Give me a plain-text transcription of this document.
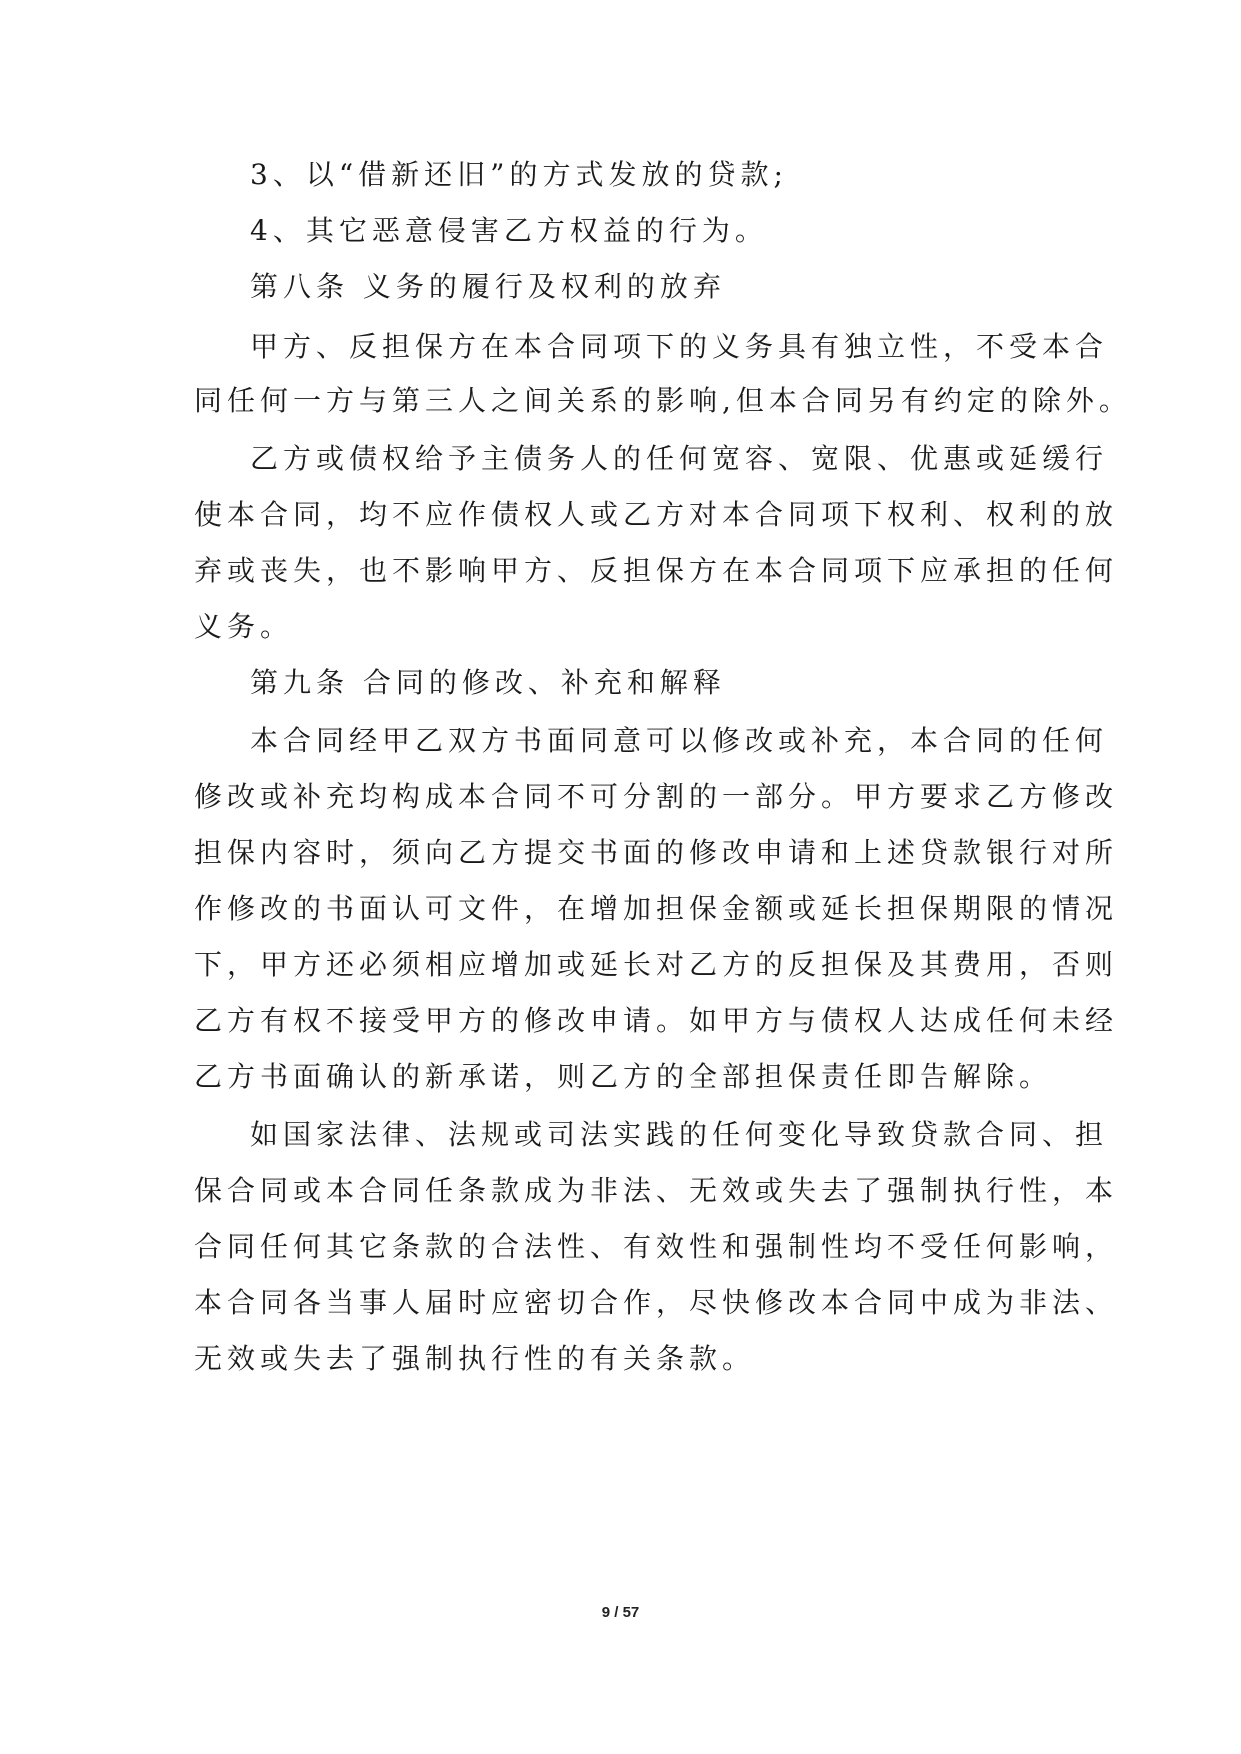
3、以“借新还旧”的方式发放的贷款;
4、其它恶意侵害乙方权益的行为。
第八条 义务的履行及权利的放弃
甲方、反担保方在本合同项下的义务具有独立性，不受本合
同任何一方与第三人之间关系的影响,但本合同另有约定的除外。
乙方或债权给予主债务人的任何宽容、宽限、优惠或延缓行
使本合同，均不应作债权人或乙方对本合同项下权利、权利的放
弃或丧失，也不影响甲方、反担保方在本合同项下应承担的任何
义务。
第九条 合同的修改、补充和解释
本合同经甲乙双方书面同意可以修改或补充，本合同的任何
修改或补充均构成本合同不可分割的一部分。甲方要求乙方修改
担保内容时，须向乙方提交书面的修改申请和上述贷款银行对所
作修改的书面认可文件，在增加担保金额或延长担保期限的情况
下，甲方还必须相应增加或延长对乙方的反担保及其费用，否则
乙方有权不接受甲方的修改申请。如甲方与债权人达成任何未经
乙方书面确认的新承诺，则乙方的全部担保责任即告解除。
如国家法律、法规或司法实践的任何变化导致贷款合同、担
保合同或本合同任条款成为非法、无效或失去了强制执行性，本
合同任何其它条款的合法性、有效性和强制性均不受任何影响，
本合同各当事人届时应密切合作，尽快修改本合同中成为非法、
无效或失去了强制执行性的有关条款。
9 / 57
